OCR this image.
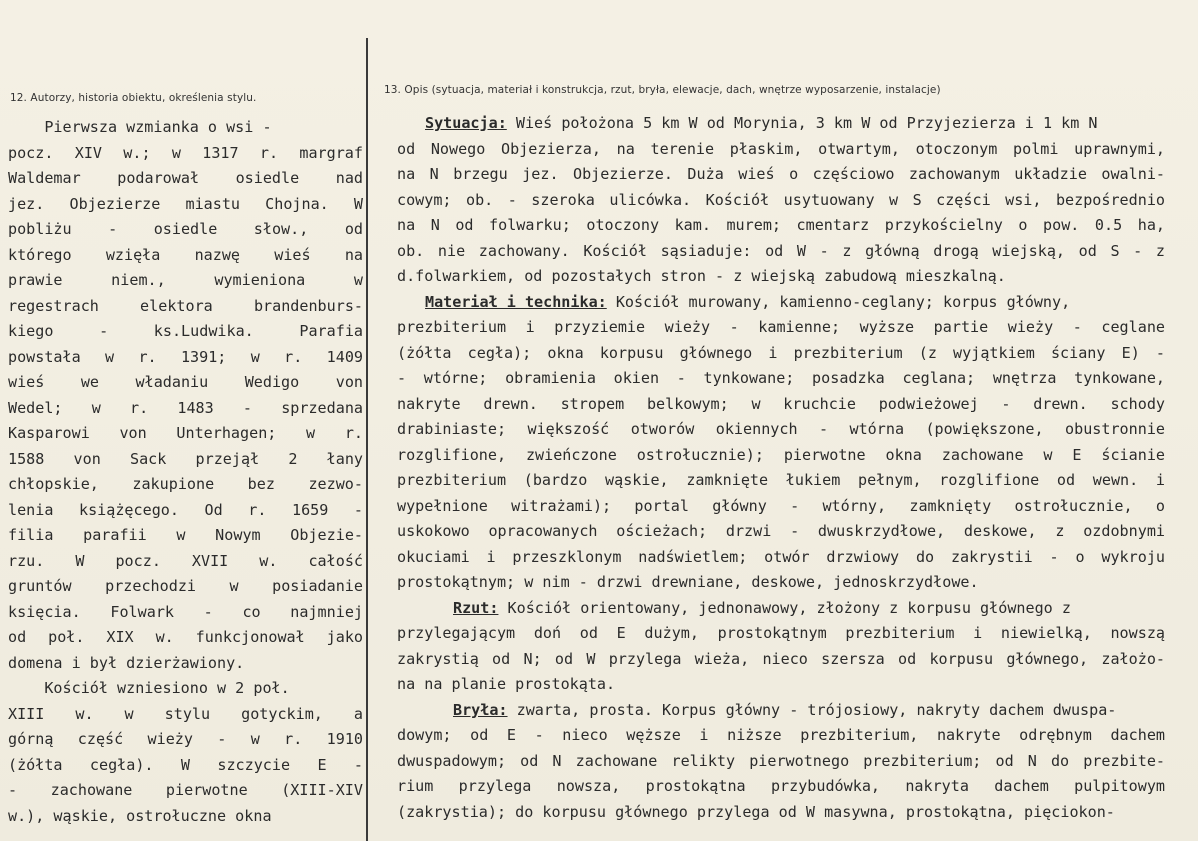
12. Autorzy, historia obiektu, określenia stylu.
13. Opis (sytuacja, materiał i konstrukcja, rzut, bryła, elewacje, dach, wnętrze wyposarzenie, instalacje)
Pierwsza wzmianka o wsi -
pocz. XIV w.; w 1317 r. margraf
Waldemar podarował osiedle nad
jez. Objezierze miastu Chojna. W
pobliżu - osiedle słow., od
którego wzięła nazwę wieś na
prawie niem., wymieniona w
regestrach elektora brandenburs-
kiego - ks.Ludwika. Parafia
powstała w r. 1391; w r. 1409
wieś we władaniu Wedigo von
Wedel; w r. 1483 - sprzedana
Kasparowi von Unterhagen; w r.
1588 von Sack przejął 2 łany
chłopskie, zakupione bez zezwo-
lenia książęcego. Od r. 1659 -
filia parafii w Nowym Objezie-
rzu. W pocz. XVII w. całość
gruntów przechodzi w posiadanie
księcia. Folwark - co najmniej
od poł. XIX w. funkcjonował jako
domena i był dzierżawiony.
Kościół wzniesiono w 2 poł.
XIII w. w stylu gotyckim, a
górną część wieży - w r. 1910
(żółta cegła). W szczycie E -
- zachowane pierwotne (XIII-XIV
w.), wąskie, ostrołuczne okna
Sytuacja: Wieś położona 5 km W od Morynia, 3 km W od Przyjezierza i 1 km N
od Nowego Objezierza, na terenie płaskim, otwartym, otoczonym polmi uprawnymi,
na N brzegu jez. Objezierze. Duża wieś o częściowo zachowanym układzie owalni-
cowym; ob. - szeroka ulicówka. Kościół usytuowany w S części wsi, bezpośrednio
na N od folwarku; otoczony kam. murem; cmentarz przykościelny o pow. 0.5 ha,
ob. nie zachowany. Kościół sąsiaduje: od W - z główną drogą wiejską, od S - z
d.folwarkiem, od pozostałych stron - z wiejską zabudową mieszkalną.
Materiał i technika: Kościół murowany, kamienno-ceglany; korpus główny,
prezbiterium i przyziemie wieży - kamienne; wyższe partie wieży - ceglane
(żółta cegła); okna korpusu głównego i prezbiterium (z wyjątkiem ściany E) -
- wtórne; obramienia okien - tynkowane; posadzka ceglana; wnętrza tynkowane,
nakryte drewn. stropem belkowym; w kruchcie podwieżowej - drewn. schody
drabiniaste; większość otworów okiennych - wtórna (powiększone, obustronnie
rozglifione, zwieńczone ostrołucznie); pierwotne okna zachowane w E ścianie
prezbiterium (bardzo wąskie, zamknięte łukiem pełnym, rozglifione od wewn. i
wypełnione witrażami); portal główny - wtórny, zamknięty ostrołucznie, o
uskokowo opracowanych ościeżach; drzwi - dwuskrzydłowe, deskowe, z ozdobnymi
okuciami i przeszklonym nadświetlem; otwór drzwiowy do zakrystii - o wykroju
prostokątnym; w nim - drzwi drewniane, deskowe, jednoskrzydłowe.
Rzut: Kościół orientowany, jednonawowy, złożony z korpusu głównego z
przylegającym doń od E dużym, prostokątnym prezbiterium i niewielką, nowszą
zakrystią od N; od W przylega wieża, nieco szersza od korpusu głównego, założo-
na na planie prostokąta.
Bryła: zwarta, prosta. Korpus główny - trójosiowy, nakryty dachem dwuspa-
dowym; od E - nieco węższe i niższe prezbiterium, nakryte odrębnym dachem
dwuspadowym; od N zachowane relikty pierwotnego prezbiterium; od N do prezbite-
rium przylega nowsza, prostokątna przybudówka, nakryta dachem pulpitowym
(zakrystia); do korpusu głównego przylega od W masywna, prostokątna, pięciokon-
